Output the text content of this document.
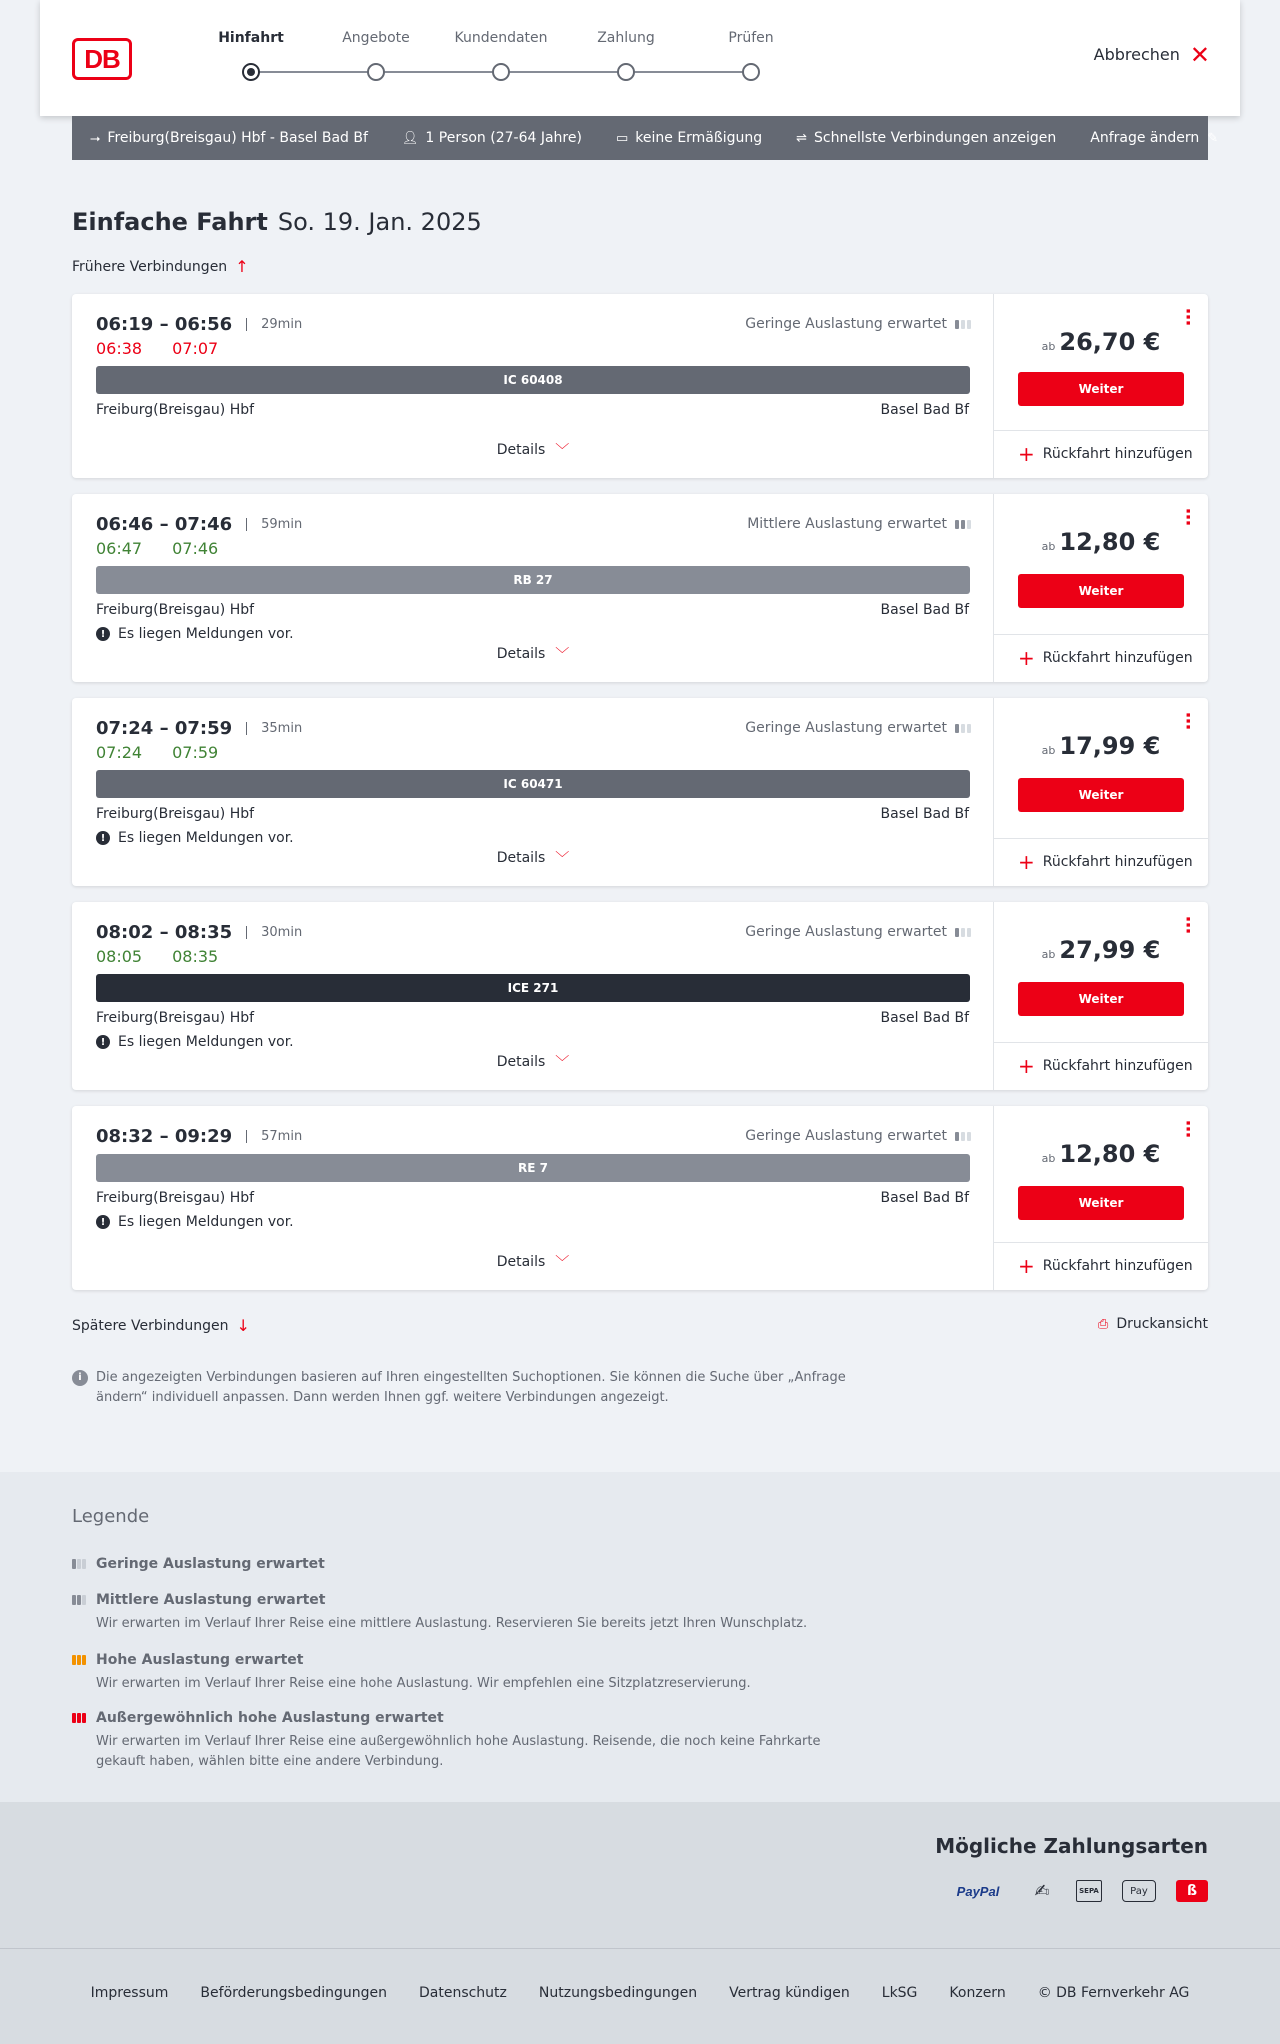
DB
Hinfahrt	Angebote	Kundendaten	Zahlung	Prüfen
Abbrechen ✕
⭢ Freiburg(Breisgau) Hbf - Basel Bad Bf	👤︎ 1 Person (27-64 Jahre)	▭ keine Ermäßigung	⇌ Schnellste Verbindungen anzeigen Anfrage ändern ✎
Einfache Fahrt So. 19. Jan. 2025
Frühere Verbindungen ↑
06:19 – 06:56	29min
06:38 07:07
Geringe Auslastung erwartet
IC 60408
Freiburg(Breisgau) Hbf	Basel Bad Bf
Details ﹀
⋯
ab 26,70 €
Weiter
+ Rückfahrt hinzufügen
06:46 – 07:46	59min
06:47 07:46
Mittlere Auslastung erwartet
RB 27
Freiburg(Breisgau) Hbf	Basel Bad Bf
! Es liegen Meldungen vor.
Details ﹀
⋯
ab 12,80 €
Weiter
+ Rückfahrt hinzufügen
07:24 – 07:59	35min
07:24 07:59
Geringe Auslastung erwartet
IC 60471
Freiburg(Breisgau) Hbf	Basel Bad Bf
! Es liegen Meldungen vor.
Details ﹀
⋯
ab 17,99 €
Weiter
+ Rückfahrt hinzufügen
08:02 – 08:35	30min
08:05 08:35
Geringe Auslastung erwartet
ICE 271
Freiburg(Breisgau) Hbf	Basel Bad Bf
! Es liegen Meldungen vor.
Details ﹀
⋯
ab 27,99 €
Weiter
+ Rückfahrt hinzufügen
08:32 – 09:29	57min	Geringe Auslastung erwartet
RE 7
Freiburg(Breisgau) Hbf	Basel Bad Bf
! Es liegen Meldungen vor.
Details ﹀
⋯
ab 12,80 €
Weiter
+ Rückfahrt hinzufügen
Spätere Verbindungen ↓	⎙ Druckansicht
i	Die angezeigten Verbindungen basieren auf Ihren eingestellten Suchoptionen. Sie können die Suche über „Anfrage ändern“ individuell anpassen. Dann werden Ihnen ggf. weitere Verbindungen angezeigt.
Legende
Geringe Auslastung erwartet
Mittlere Auslastung erwartet
Wir erwarten im Verlauf Ihrer Reise eine mittlere Auslastung. Reservieren Sie bereits jetzt Ihren Wunschplatz.
Hohe Auslastung erwartet
Wir erwarten im Verlauf Ihrer Reise eine hohe Auslastung. Wir empfehlen eine Sitzplatzreservierung.
Außergewöhnlich hohe Auslastung erwartet
Wir erwarten im Verlauf Ihrer Reise eine außergewöhnlich hohe Auslastung. Reisende, die noch keine Fahrkarte gekauft haben, wählen bitte eine andere Verbindung.
Mögliche Zahlungsarten
PayPal	✍︎	SEPA	Pay	ß
Impressum Beförderungsbedingungen Datenschutz Nutzungsbedingungen Vertrag kündigen LkSG Konzern © DB Fernverkehr AG
